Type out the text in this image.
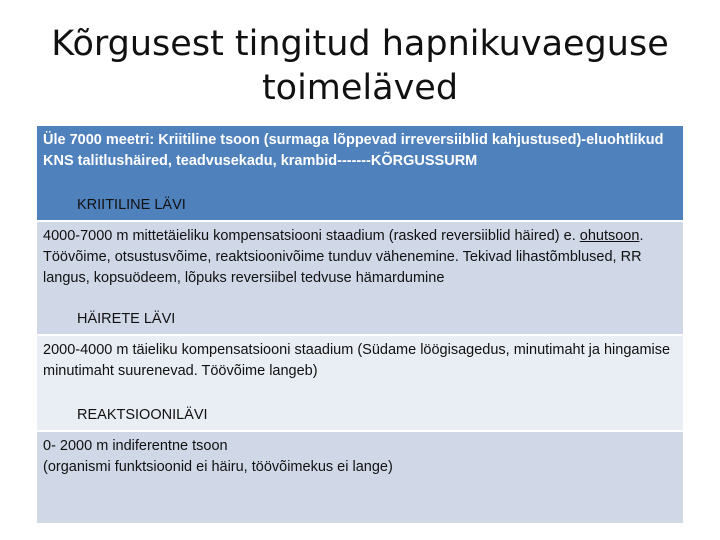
Kõrgusest tingitud hapnikuvaeguse
toimeläved
Üle 7000 meetri: Kriitiline tsoon (surmaga lõppevad irreversiiblid kahjustused)-eluohtlikud KNS talitlushäired, teadvusekadu, krambid-------KÕRGUSSURM
KRIITILINE LÄVI
4000-7000 m mittetäieliku kompensatsiooni staadium (rasked reversiiblid häired) e. ohutsoon. Töövõime, otsustusvõime, reaktsioonivõime tunduv vähenemine. Tekivad lihastõmblused, RR langus, kopsuödeem, lõpuks reversiibel tedvuse hämardumine
HÄIRETE LÄVI
2000-4000 m täieliku kompensatsiooni staadium (Südame löögisagedus, minutimaht ja hingamise minutimaht suurenevad. Töövõime langeb)
REAKTSIOONILÄVI
0- 2000 m indiferentne tsoon
(organismi funktsioonid ei häiru, töövõimekus ei lange)
